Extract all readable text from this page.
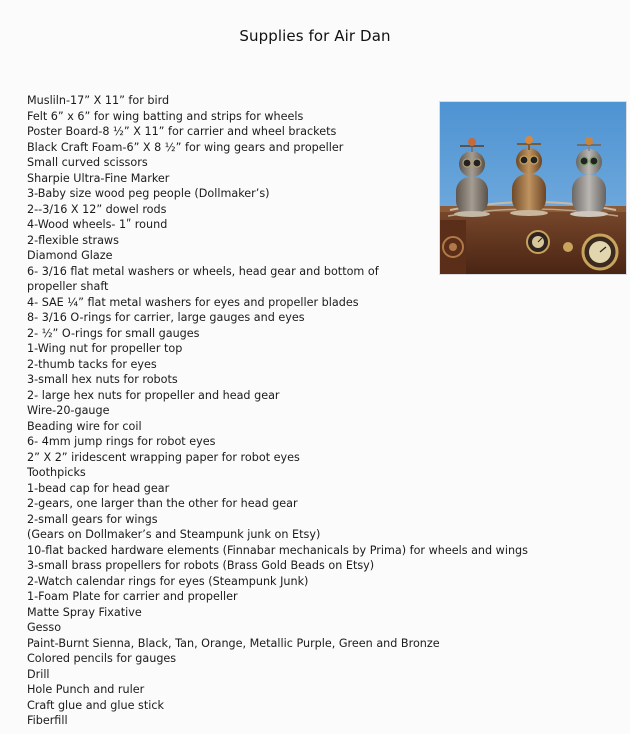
Supplies for Air Dan
Musliln-17” X 11” for bird
Felt 6” x 6” for wing batting and strips for wheels
Poster Board-8 ½” X 11” for carrier and wheel brackets
Black Craft Foam-6” X 8 ½” for wing gears and propeller
Small curved scissors
Sharpie Ultra-Fine Marker
3-Baby size wood peg people (Dollmaker’s)
2--3/16 X 12” dowel rods
4-Wood wheels- 1ʺ round
2-flexible straws
Diamond Glaze
6- 3/16 flat metal washers or wheels, head gear and bottom of
propeller shaft
4- SAE ¼” flat metal washers for eyes and propeller blades
8- 3/16 O-rings for carrier, large gauges and eyes
2- ½” O-rings for small gauges
1-Wing nut for propeller top
2-thumb tacks for eyes
3-small hex nuts for robots
2- large hex nuts for propeller and head gear
Wire-20-gauge
Beading wire for coil
6- 4mm jump rings for robot eyes
2” X 2” iridescent wrapping paper for robot eyes
Toothpicks
1-bead cap for head gear
2-gears, one larger than the other for head gear
2-small gears for wings
(Gears on Dollmaker’s and Steampunk junk on Etsy)
10-flat backed hardware elements (Finnabar mechanicals by Prima) for wheels and wings
3-small brass propellers for robots (Brass Gold Beads on Etsy)
2-Watch calendar rings for eyes (Steampunk Junk)
1-Foam Plate for carrier and propeller
Matte Spray Fixative
Gesso
Paint-Burnt Sienna, Black, Tan, Orange, Metallic Purple, Green and Bronze
Colored pencils for gauges
Drill
Hole Punch and ruler
Craft glue and glue stick
Fiberfill
